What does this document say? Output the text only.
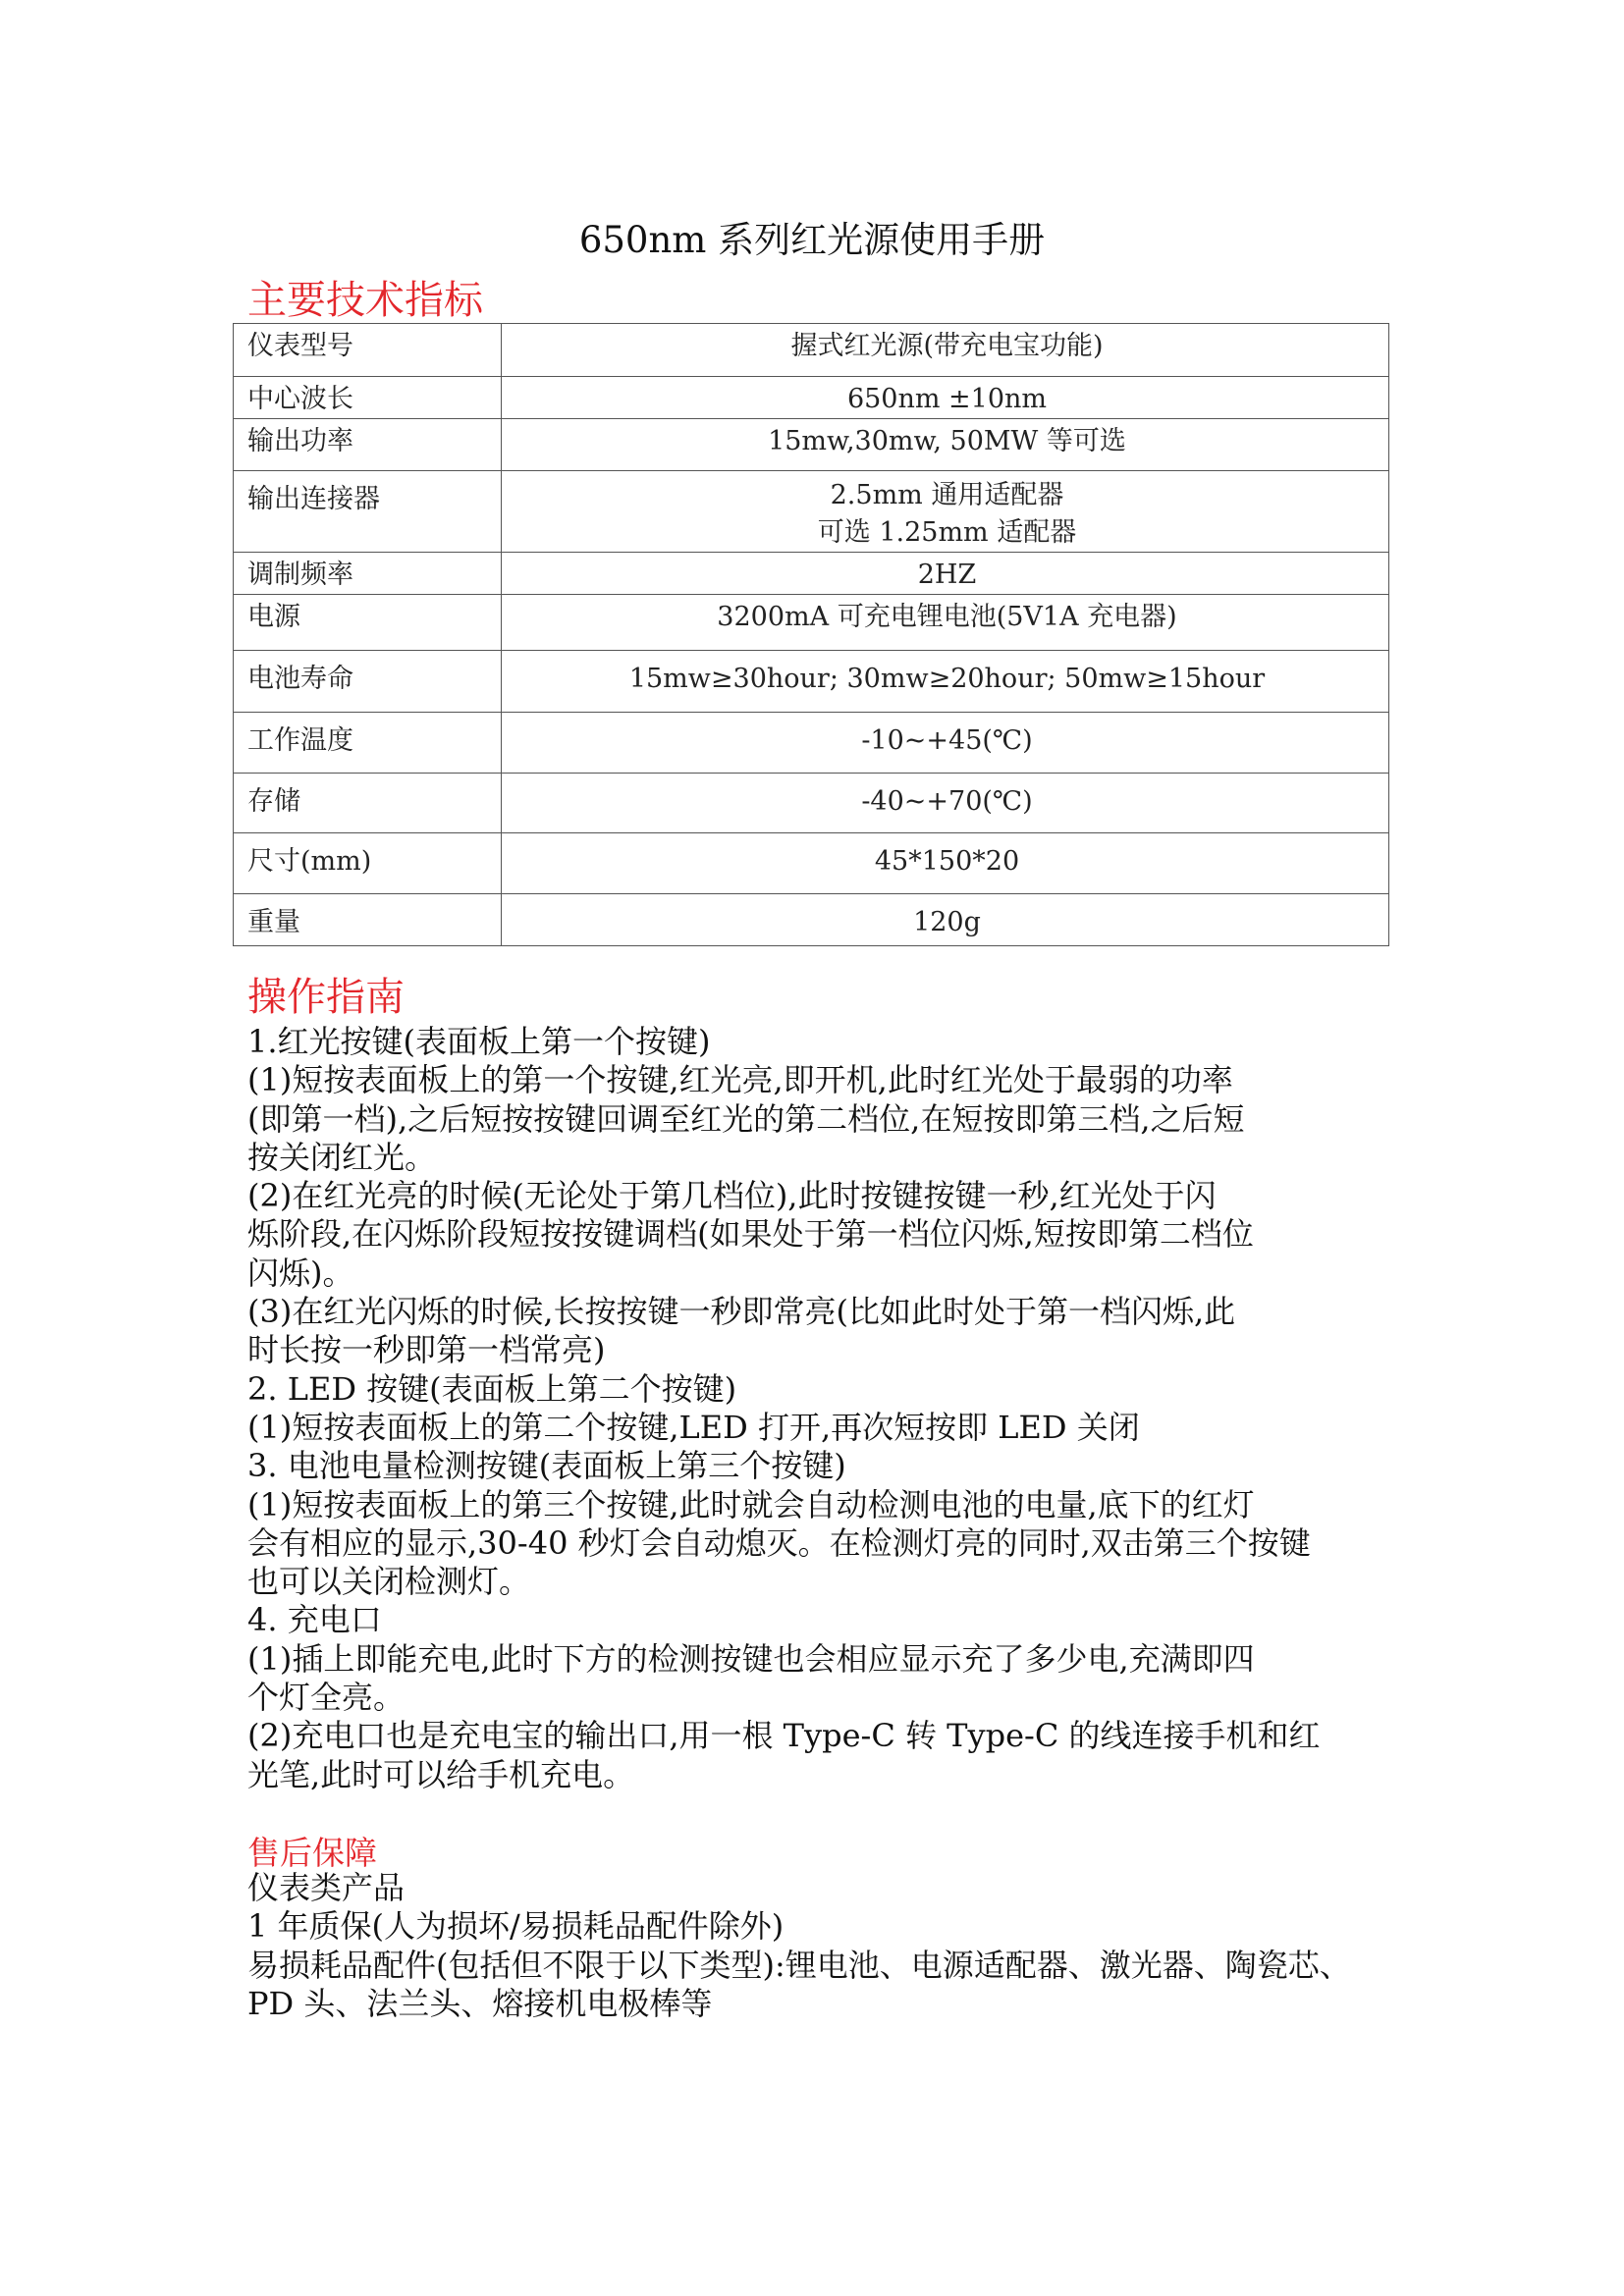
650nm 系列红光源使用手册
主要技术指标
仪表型号	握式红光源(带充电宝功能)
中心波长	650nm ±10nm
输出功率	15mw,30mw, 50MW 等可选
输出连接器	2.5mm 通用适配器
可选 1.25mm 适配器

调制频率	2HZ
电源	3200mA 可充电锂电池(5V1A 充电器)
电池寿命	15mw≥30hour; 30mw≥20hour; 50mw≥15hour
工作温度	-10~+45(℃)
存储	-40~+70(℃)
尺寸(mm)	45*150*20
重量	120g
操作指南
1.红光按键(表面板上第一个按键)
(1)短按表面板上的第一个按键,红光亮,即开机,此时红光处于最弱的功率
(即第一档),之后短按按键回调至红光的第二档位,在短按即第三档,之后短
按关闭红光。
(2)在红光亮的时候(无论处于第几档位),此时按键按键一秒,红光处于闪
烁阶段,在闪烁阶段短按按键调档(如果处于第一档位闪烁,短按即第二档位
闪烁)。
(3)在红光闪烁的时候,长按按键一秒即常亮(比如此时处于第一档闪烁,此
时长按一秒即第一档常亮)
2. LED 按键(表面板上第二个按键)
(1)短按表面板上的第二个按键,LED 打开,再次短按即 LED 关闭
3. 电池电量检测按键(表面板上第三个按键)
(1)短按表面板上的第三个按键,此时就会自动检测电池的电量,底下的红灯
会有相应的显示,30-40 秒灯会自动熄灭。在检测灯亮的同时,双击第三个按键
也可以关闭检测灯。
4. 充电口
(1)插上即能充电,此时下方的检测按键也会相应显示充了多少电,充满即四
个灯全亮。
(2)充电口也是充电宝的输出口,用一根 Type-C 转 Type-C 的线连接手机和红
光笔,此时可以给手机充电。
售后保障
仪表类产品
1 年质保(人为损坏/易损耗品配件除外)
易损耗品配件(包括但不限于以下类型):锂电池、电源适配器、激光器、陶瓷芯、
PD 头、法兰头、熔接机电极棒等
